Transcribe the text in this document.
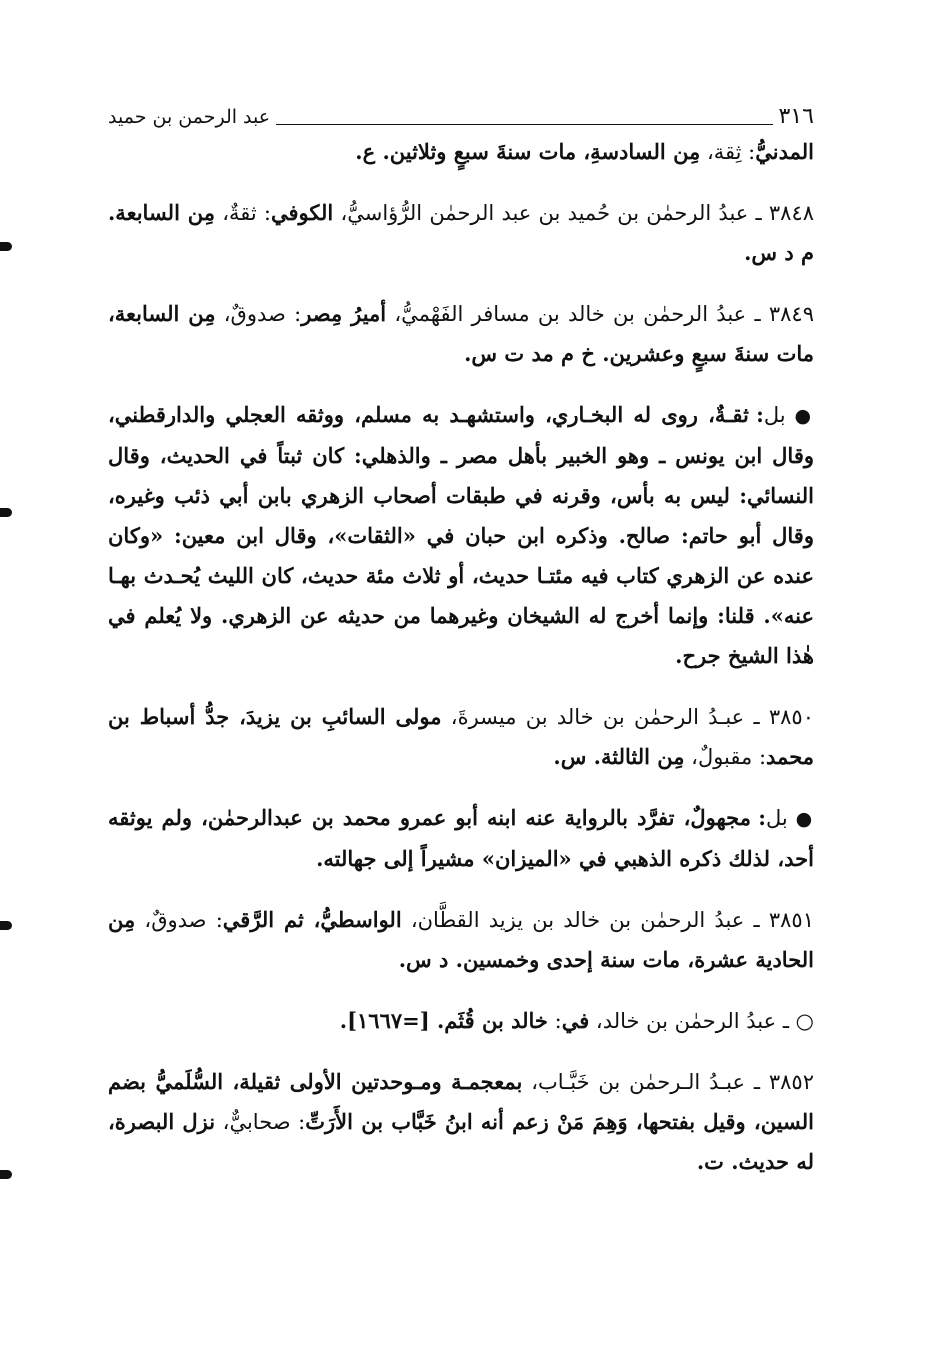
عبد الرحمن بن حميد	٣١٦

المدنيُّ: ثِقة، مِن السادسةِ، مات سنةَ سبعٍ وثلاثين. ع.

٣٨٤٨ ـ عبدُ الرحمٰن بن حُميد بن عبد الرحمٰن الرُّؤاسيُّ، الكوفي: ثقةٌ، مِن السابعة. م د س.

٣٨٤٩ ـ عبدُ الرحمٰن بن خالد بن مسافر الفَهْميُّ، أميرُ مِصر: صدوقٌ، مِن السابعة، مات سنةَ سبعٍ وعشرين. خ م مد ت س.

● بل: ثقـةٌ، روى له البخـاري، واستشهـد به مسلم، ووثقه العجلي والدارقطني، وقال ابن يونس ـ وهو الخبير بأهل مصر ـ والذهلي: كان ثبتاً في الحديث، وقال النسائي: ليس به بأس، وقرنه في طبقات أصحاب الزهري بابن أبي ذئب وغيره، وقال أبو حاتم: صالح. وذكره ابن حبان في «الثقات»، وقال ابن معين: «وكان عنده عن الزهري كتاب فيه مئتـا حديث، أو ثلاث مئة حديث، كان الليث يُحـدث بهـا عنه». قلنا: وإنما أخرج له الشيخان وغيرهما من حديثه عن الزهري. ولا يُعلم في هٰذا الشيخ جرح.

٣٨٥٠ ـ عبـدُ الرحمٰن بن خالد بن ميسرةَ، مولى السائبِ بن يزيدَ، جدُّ أسباط بن محمد: مقبولٌ، مِن الثالثة. س.

● بل: مجهولٌ، تفرَّد بالرواية عنه ابنه أبو عمرو محمد بن عبدالرحمٰن، ولم يوثقه أحد، لذلك ذكره الذهبي في «الميزان» مشيراً إلى جهالته.

٣٨٥١ ـ عبدُ الرحمٰن بن خالد بن يزيد القطَّان، الواسطيُّ، ثم الرَّقي: صدوقٌ، مِن الحادية عشرة، مات سنة إحدى وخمسين. د س.

○ ـ عبدُ الرحمٰن بن خالد، في: خالد بن قُثَم. [=١٦٦٧].

٣٨٥٢ ـ عبـدُ الـرحمٰن بن خَبَّـاب، بمعجمـة ومـوحدتين الأولى ثقيلة، السُّلَميُّ بضم السين، وقيل بفتحها، وَهِمَ مَنْ زعم أنه ابنُ خَبَّاب بن الأَرَتِّ: صحابيٌّ، نزل البصرة، له حديث. ت.
